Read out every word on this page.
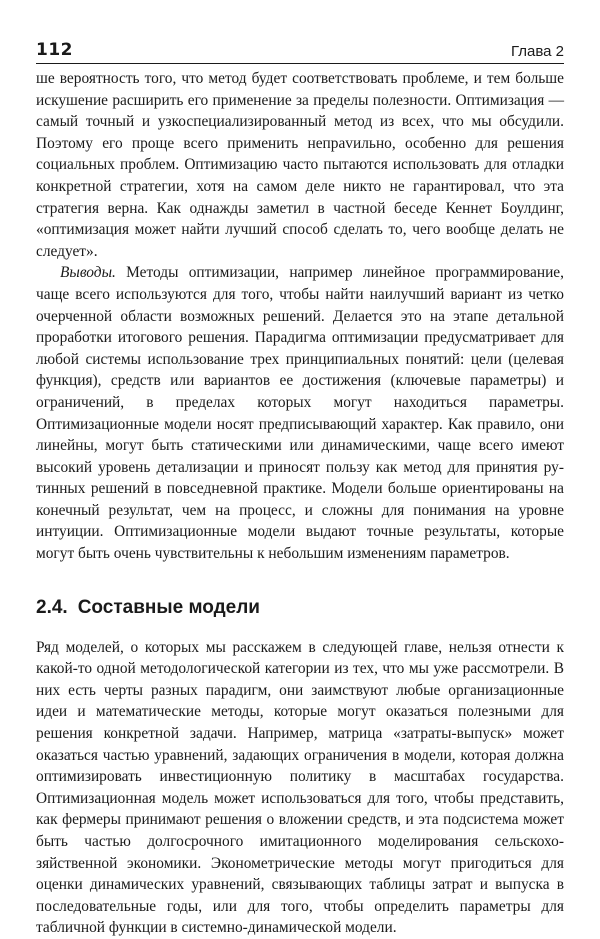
112	Глава 2

ше вероятность того, что метод будет соответствовать проблеме, и тем больше искушение расширить его применение за пределы полезности. Оптимизация — самый точный и узкоспециализированный метод из всех, что мы обсудили. Поэтому его проще всего применить непраvильно, особенно для решения социальных проблем. Оптимизацию часто пытаются использовать для отладки конкретной стратегии, хотя на самом деле никто не гарантировал, что эта стратегия верна. Как однажды заметил в частной беседе Кеннет Боулдинг, «оптимизация может найти лучший способ сделать то, чего вообще делать не следует».

Выводы. Методы оптимизации, например линейное программирование, чаще всего используются для того, чтобы найти наилучший вариант из четко очерченной области возможных решений. Делается это на этапе детальной проработки итогового решения. Парадигма оптимизации предусматривает для любой системы использование трех принципиальных понятий: цели (целевая функция), средств или вариантов ее достижения (ключевые параметры) и ограничений, в пределах которых могут находиться параметры. Оптимизационные модели носят предписывающий характер. Как правило, они линейны, могут быть статическими или динамическими, чаще всего имеют высокий уровень детализации и приносят пользу как метод для принятия рутинных решений в повседневной практике. Модели больше ориентированы на конечный результат, чем на процесс, и сложны для понимания на уровне интуиции. Оптимизационные модели выдают точные результаты, которые могут быть очень чувствительны к небольшим изменениям параметров.

2.4. Составные модели

Ряд моделей, о которых мы расскажем в следующей главе, нельзя отнести к какой-то одной методологической категории из тех, что мы уже рассмотрели. В них есть черты разных парадигм, они заимствуют любые организационные идеи и математические методы, которые могут оказаться полезными для решения конкретной задачи. Например, матрица «затраты-выпуск» может оказаться частью уравнений, задающих ограничения в модели, которая должна оптимизировать инвестиционную политику в масштабах государства. Оптимизационная модель может использоваться для того, чтобы представить, как фермеры принимают решения о вложении средств, и эта подсистема может быть частью долгосрочного имитационного моделирования сельскохозяйственной экономики. Эконометрические методы могут пригодиться для оценки динамических уравнений, связывающих таблицы затрат и выпуска в последовательные годы, или для того, чтобы определить параметры для табличной функции в системно-динамической модели.
